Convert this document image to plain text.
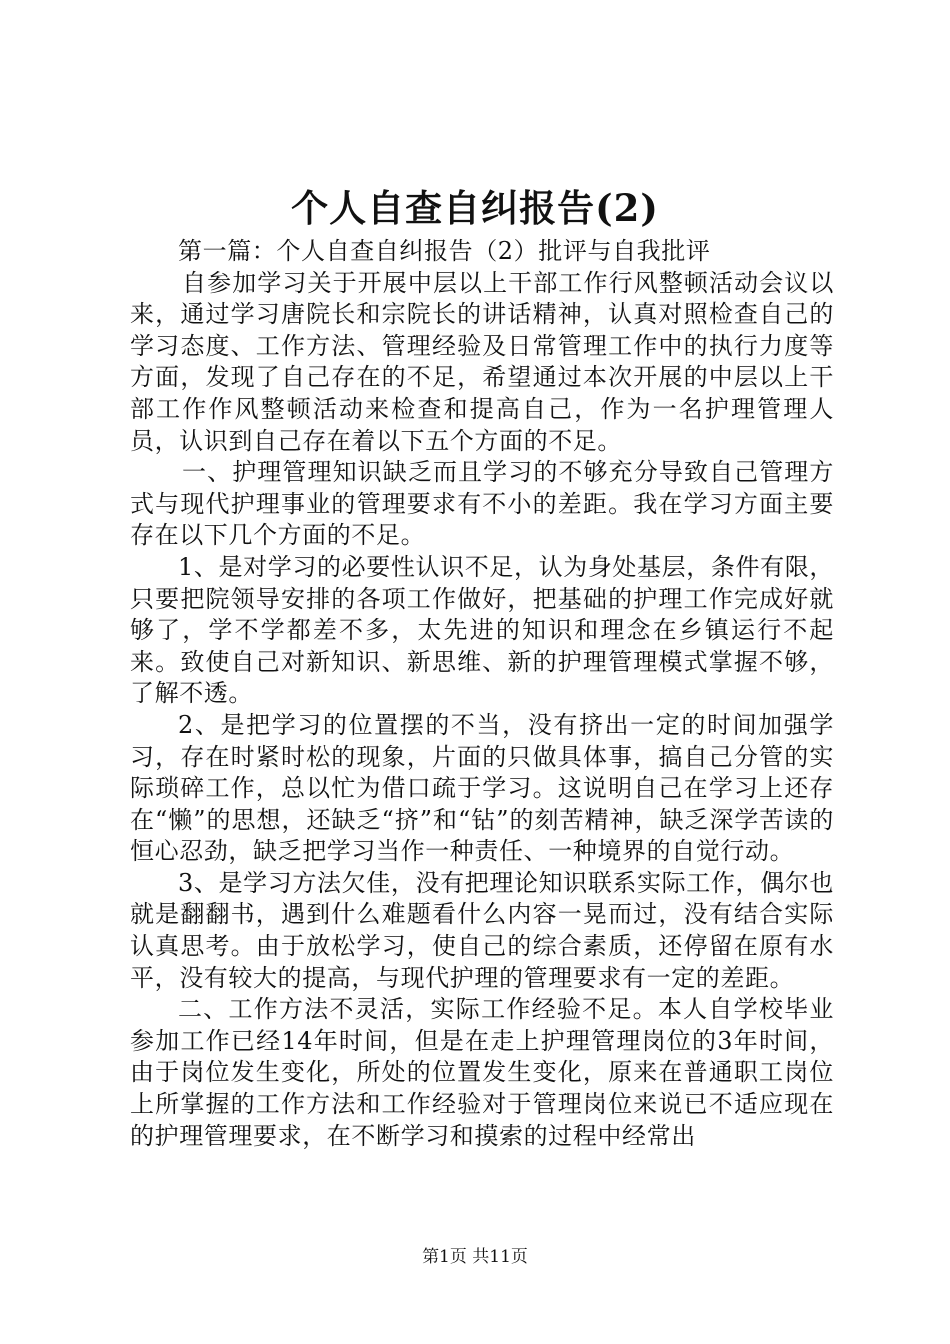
个人自查自纠报告(2)

第一篇：个人自查自纠报告（2）批评与自我批评

自参加学习关于开展中层以上干部工作行风整顿活动会议以来，通过学习唐院长和宗院长的讲话精神，认真对照检查自己的学习态度、工作方法、管理经验及日常管理工作中的执行力度等方面，发现了自己存在的不足，希望通过本次开展的中层以上干部工作作风整顿活动来检查和提高自己，作为一名护理管理人员，认识到自己存在着以下五个方面的不足。

一、护理管理知识缺乏而且学习的不够充分导致自己管理方式与现代护理事业的管理要求有不小的差距。我在学习方面主要存在以下几个方面的不足。

1、是对学习的必要性认识不足，认为身处基层，条件有限，只要把院领导安排的各项工作做好，把基础的护理工作完成好就够了，学不学都差不多，太先进的知识和理念在乡镇运行不起来。致使自己对新知识、新思维、新的护理管理模式掌握不够，了解不透。

2、是把学习的位置摆的不当，没有挤出一定的时间加强学习，存在时紧时松的现象，片面的只做具体事，搞自己分管的实际琐碎工作，总以忙为借口疏于学习。这说明自己在学习上还存在“懒”的思想，还缺乏“挤”和“钻”的刻苦精神，缺乏深学苦读的恒心忍劲，缺乏把学习当作一种责任、一种境界的自觉行动。

3、是学习方法欠佳，没有把理论知识联系实际工作，偶尔也就是翻翻书，遇到什么难题看什么内容一晃而过，没有结合实际认真思考。由于放松学习，使自己的综合素质，还停留在原有水平，没有较大的提高，与现代护理的管理要求有一定的差距。

二、工作方法不灵活，实际工作经验不足。本人自学校毕业参加工作已经14年时间，但是在走上护理管理岗位的3年时间，由于岗位发生变化，所处的位置发生变化，原来在普通职工岗位上所掌握的工作方法和工作经验对于管理岗位来说已不适应现在的护理管理要求，在不断学习和摸索的过程中经常出

第1页 共11页
